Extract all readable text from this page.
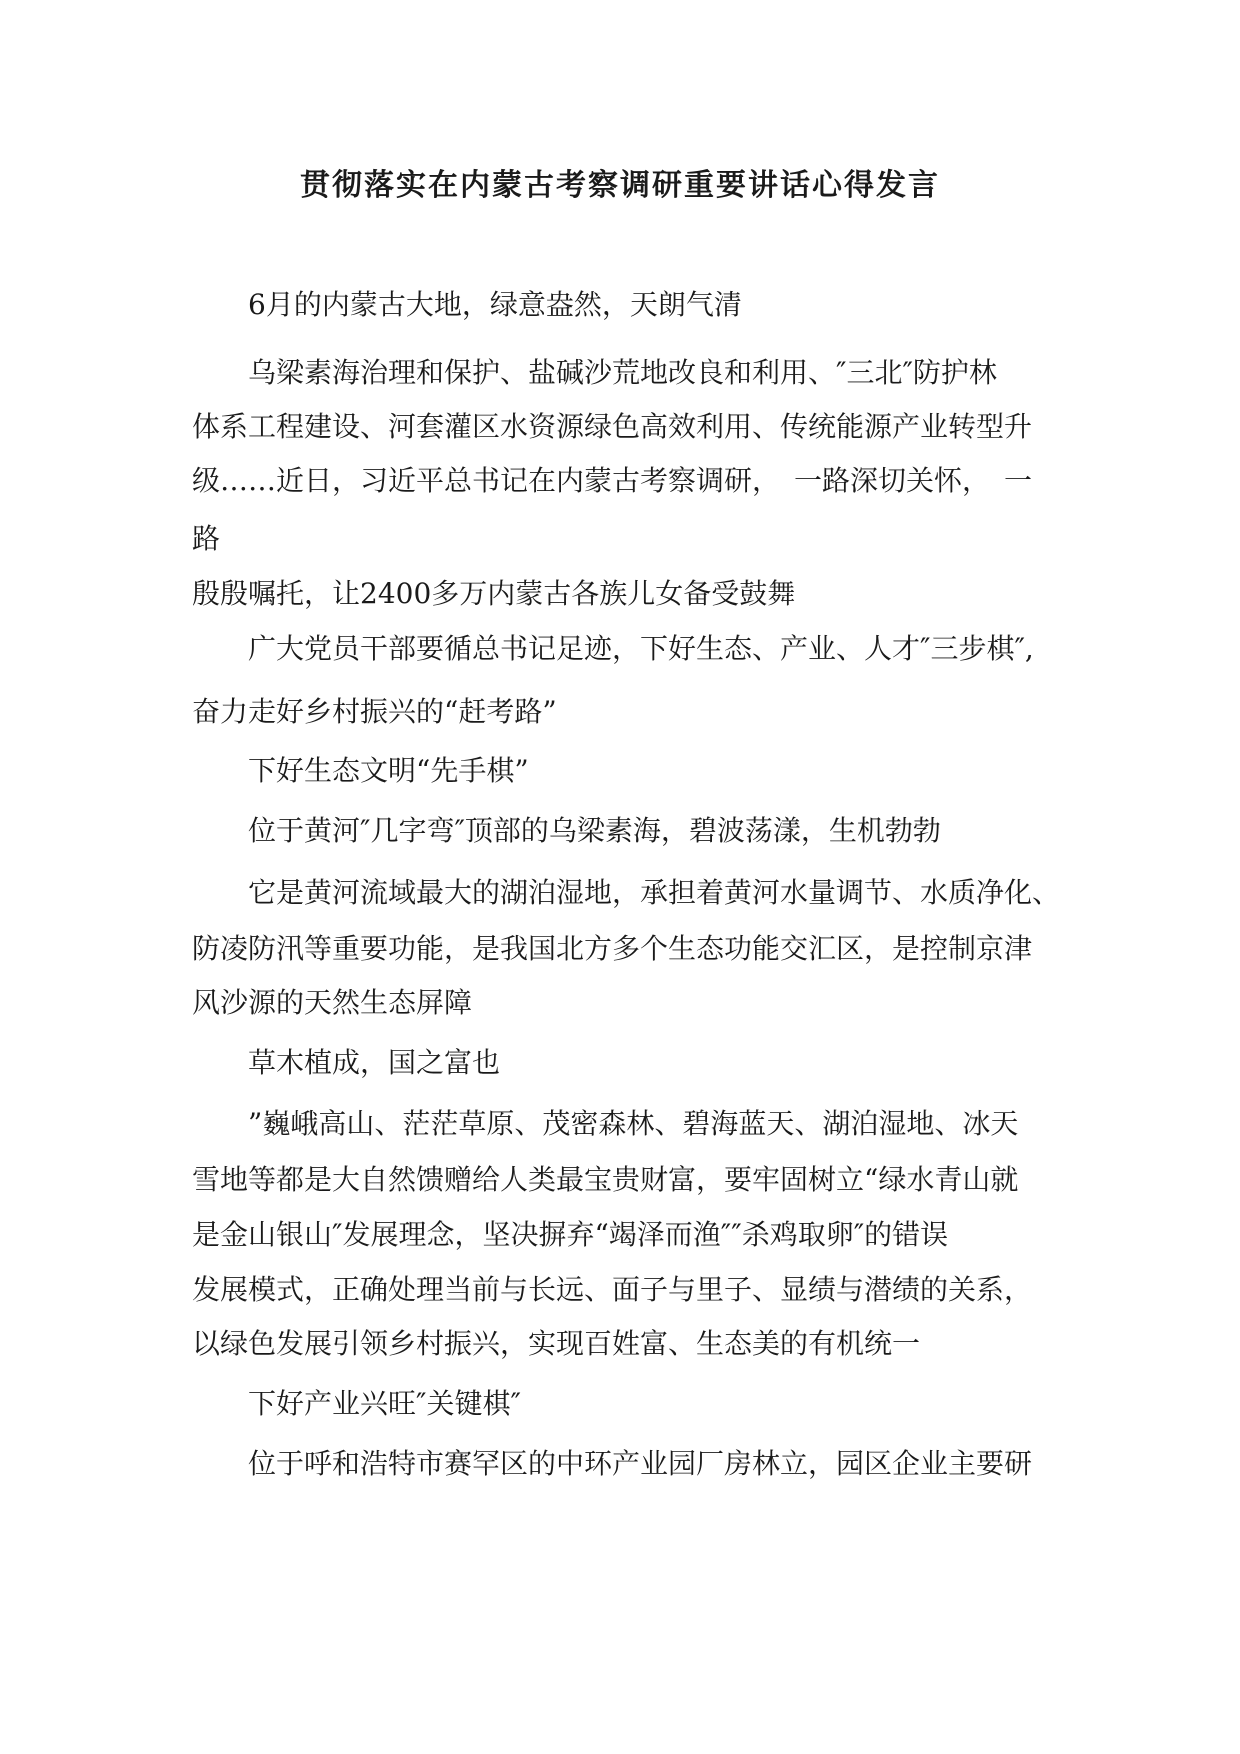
贯彻落实在内蒙古考察调研重要讲话心得发言
6月的内蒙古大地，绿意盎然，天朗气清
乌梁素海治理和保护、盐碱沙荒地改良和利用、″三北″防护林
体系工程建设、河套灌区水资源绿色高效利用、传统能源产业转型升
级……近日，习近平总书记在内蒙古考察调研，　一路深切关怀，　一
路
殷殷嘱托，让2400多万内蒙古各族儿女备受鼓舞
广大党员干部要循总书记足迹，下好生态、产业、人才″三步棋″,
奋力走好乡村振兴的“赶考路”
下好生态文明“先手棋”
位于黄河″几字弯″顶部的乌梁素海，碧波荡漾，生机勃勃
它是黄河流域最大的湖泊湿地，承担着黄河水量调节、水质净化、
防凌防汛等重要功能，是我国北方多个生态功能交汇区，是控制京津
风沙源的天然生态屏障
草木植成，国之富也
”巍峨高山、茫茫草原、茂密森林、碧海蓝天、湖泊湿地、冰天
雪地等都是大自然馈赠给人类最宝贵财富，要牢固树立“绿水青山就
是金山银山″发展理念，坚决摒弃“竭泽而渔″″杀鸡取卵″的错误
发展模式，正确处理当前与长远、面子与里子、显绩与潜绩的关系，
以绿色发展引领乡村振兴，实现百姓富、生态美的有机统一
下好产业兴旺″关键棋″
位于呼和浩特市赛罕区的中环产业园厂房林立，园区企业主要研
